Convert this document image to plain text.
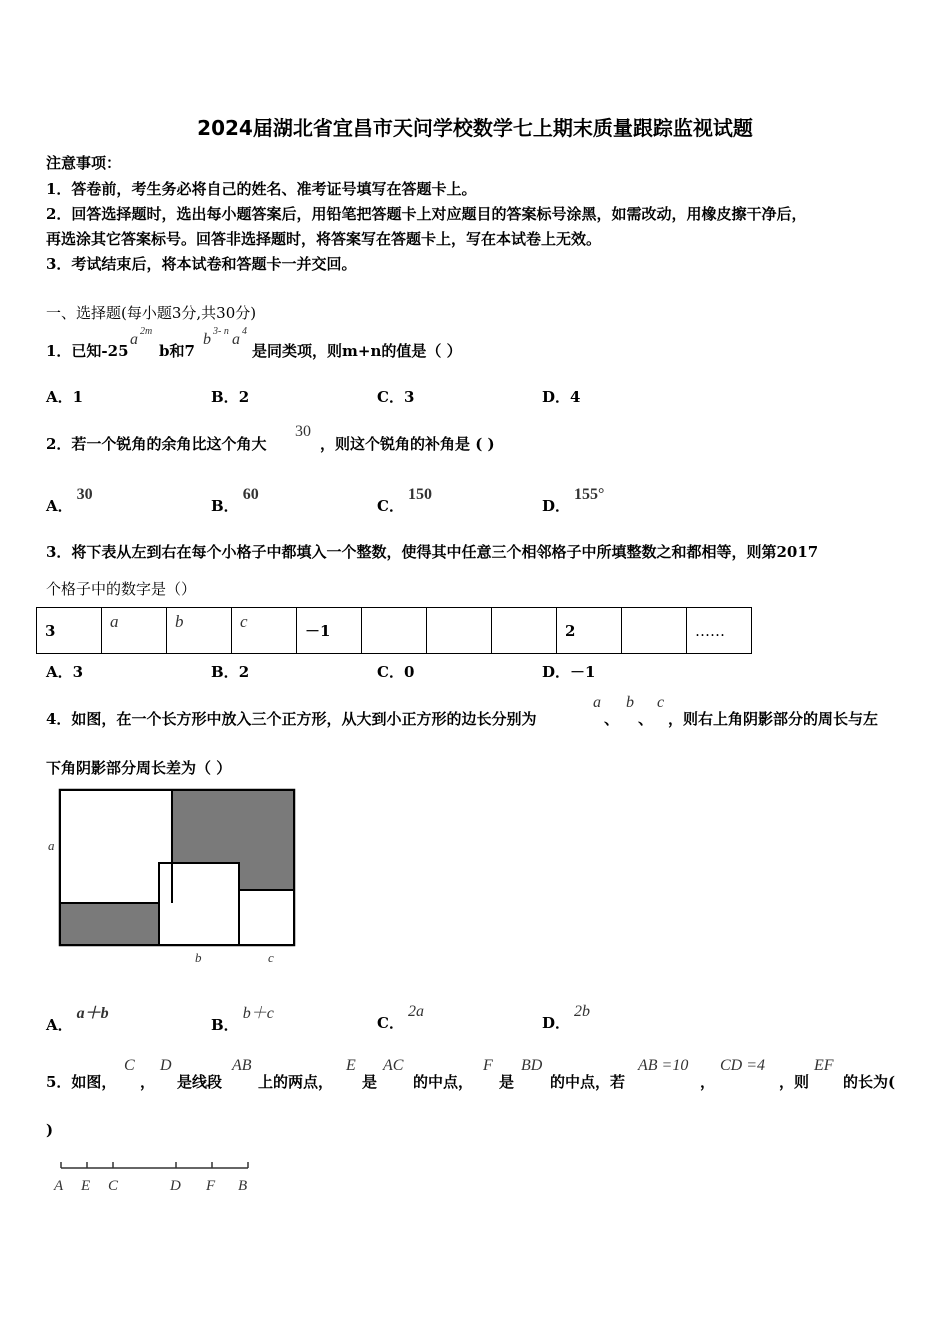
2024届湖北省宜昌市天问学校数学七上期末质量跟踪监视试题
注意事项：
1．答卷前，考生务必将自己的姓名、准考证号填写在答题卡上。
2．回答选择题时，选出每小题答案后，用铅笔把答题卡上对应题目的答案标号涂黑，如需改动，用橡皮擦干净后，
再选涂其它答案标号。回答非选择题时，将答案写在答题卡上，写在本试卷上无效。
3．考试结束后，将本试卷和答题卡一并交回。
一、选择题(每小题3分,共30分)
1．已知-25
a 2m
b和7
b 3- n a 4
是同类项，则m+n的值是（ ）
A．1	B．2	C．3	D．4
2．若一个锐角的余角比这个角大
30
，则这个锐角的补角是 ( )
A．30
B．60
C．150
D．155°
3．将下表从左到右在每个小格子中都填入一个整数，使得其中任意三个相邻格子中所填整数之和都相等，则第2017
个格子中的数字是（）
3	a	b	c	－1				2		……
A．3	B．2	C．0	D．－1
4．如图，在一个长方形中放入三个正方形，从大到小正方形的边长分别为
a
、
b
、
c
，则右上角阴影部分的周长与左
下角阴影部分周长差为（ ）
a
b	c
A．a＋b
B．b＋c
C．2a
D．2b
5．如图，
C
，
D
是线段
AB
上的两点，
E
是
AC
的中点，
F
是
BD
的中点，若
AB =10
，
CD =4
，则
EF
的长为(
)
A E C	D F B
